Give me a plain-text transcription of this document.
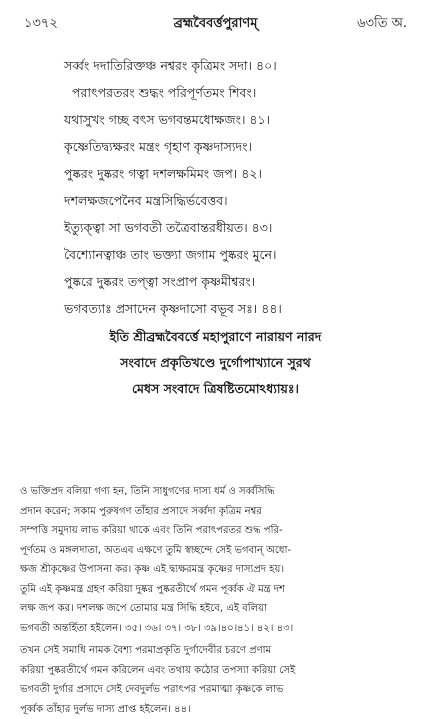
১৩৭২	ব্রহ্মবৈবর্ত্তপুরাণম্	৬৩তি অ.
সর্ব্বং দদাতিরিক্তঞ্চ নশ্বরং কৃত্রিমং সদা। ৪০।
পরাৎপরতরং শুদ্ধং পরিপূর্ণতমং শিবং।
যথাসুখং গচ্ছ বৎস ভগবন্তমধোক্ষজং। ৪১।
কৃষ্ণেতিদ্ব্যক্ষরং মন্ত্রং গৃহাণ কৃষ্ণদাস্যদং।
পুষ্করং দুষ্করং গত্বা দশলক্ষমিমং জপ। ৪২।
দশলক্ষজপেনৈব মন্ত্রসিদ্ধির্ভবেত্তব।
ইত্যুক্ত্বা সা ভগবতী তত্রৈবান্তরধীয়ত। ৪৩।
বৈশ্যোনত্বাঞ্চ তাং ভক্ত্যা জগাম পুষ্করং মুনে।
পুষ্করে দুষ্করং তপ্ত্বা সংপ্রাপ কৃষ্ণমীশ্বরং।
ভগবত্যাঃ প্রসাদেন কৃষ্ণদাসো বভূব সঃ। ৪৪।
ইতি শ্রীব্রহ্মবৈবর্ত্তে মহাপুরাণে নারায়ণ নারদ
সংবাদে প্রকৃতিখণ্ডে দুর্গোপাখ্যানে সুরথ
মেধস সংবাদে ত্রিষষ্টিতমোঽধ্যায়ঃ।
ও ভক্তিপ্রদ বলিয়া গণ্য হন, তিনি সাধুগণের দাস্য ধর্ম ও সর্ব্বসিদ্ধি
প্রদান করেন; সকাম পুরুষগণ তাঁহার প্রসাদে সর্ব্বদা কৃত্রিম নশ্বর
সম্পত্তি সমুদায় লাভ করিয়া থাকে এবং তিনি পরাৎপরতর শুদ্ধ পরি-
পূর্ণতম ও মঙ্গলদাতা, অতএব এক্ষণে তুমি স্বচ্ছন্দে সেই ভগবান্ অধো-
ক্ষজ শ্রীকৃষ্ণের উপাসনা কর। কৃষ্ণ এই দ্ব্যক্ষরমন্ত্র কৃষ্ণের দাস্যপ্রদ হয়।
তুমি এই কৃষ্ণমন্ত্র গ্রহণ করিয়া দুষ্কর পুষ্করতীর্থে গমন পূর্ব্বক ঐ মন্ত্র দশ
লক্ষ জপ কর। দশলক্ষ জপে তোমার মন্ত্র সিদ্ধি হইবে, এই বলিয়া
ভগবতী অন্তর্হিতা হইলেন। ৩৫। ৩৬। ৩৭। ৩৮। ৩৯।৪০।৪১। ৪২। ৪৩।
তখন সেই সমাধি নামক বৈশ্য পরমাপ্রকৃতি দুর্গাদেবীর চরণে প্রণাম
করিয়া পুষ্করতীর্থে গমন করিলেন এবং তথায় কঠোর তপস্যা করিয়া সেই
ভগবতী দুর্গার প্রসাদে সেই দেবদুর্লভ পরাৎপর পরমাত্মা কৃষ্ণকে লাভ
পূর্ব্বক তাঁহার দুর্লভ দাস্য প্রাপ্ত হইলেন। ৪৪।
